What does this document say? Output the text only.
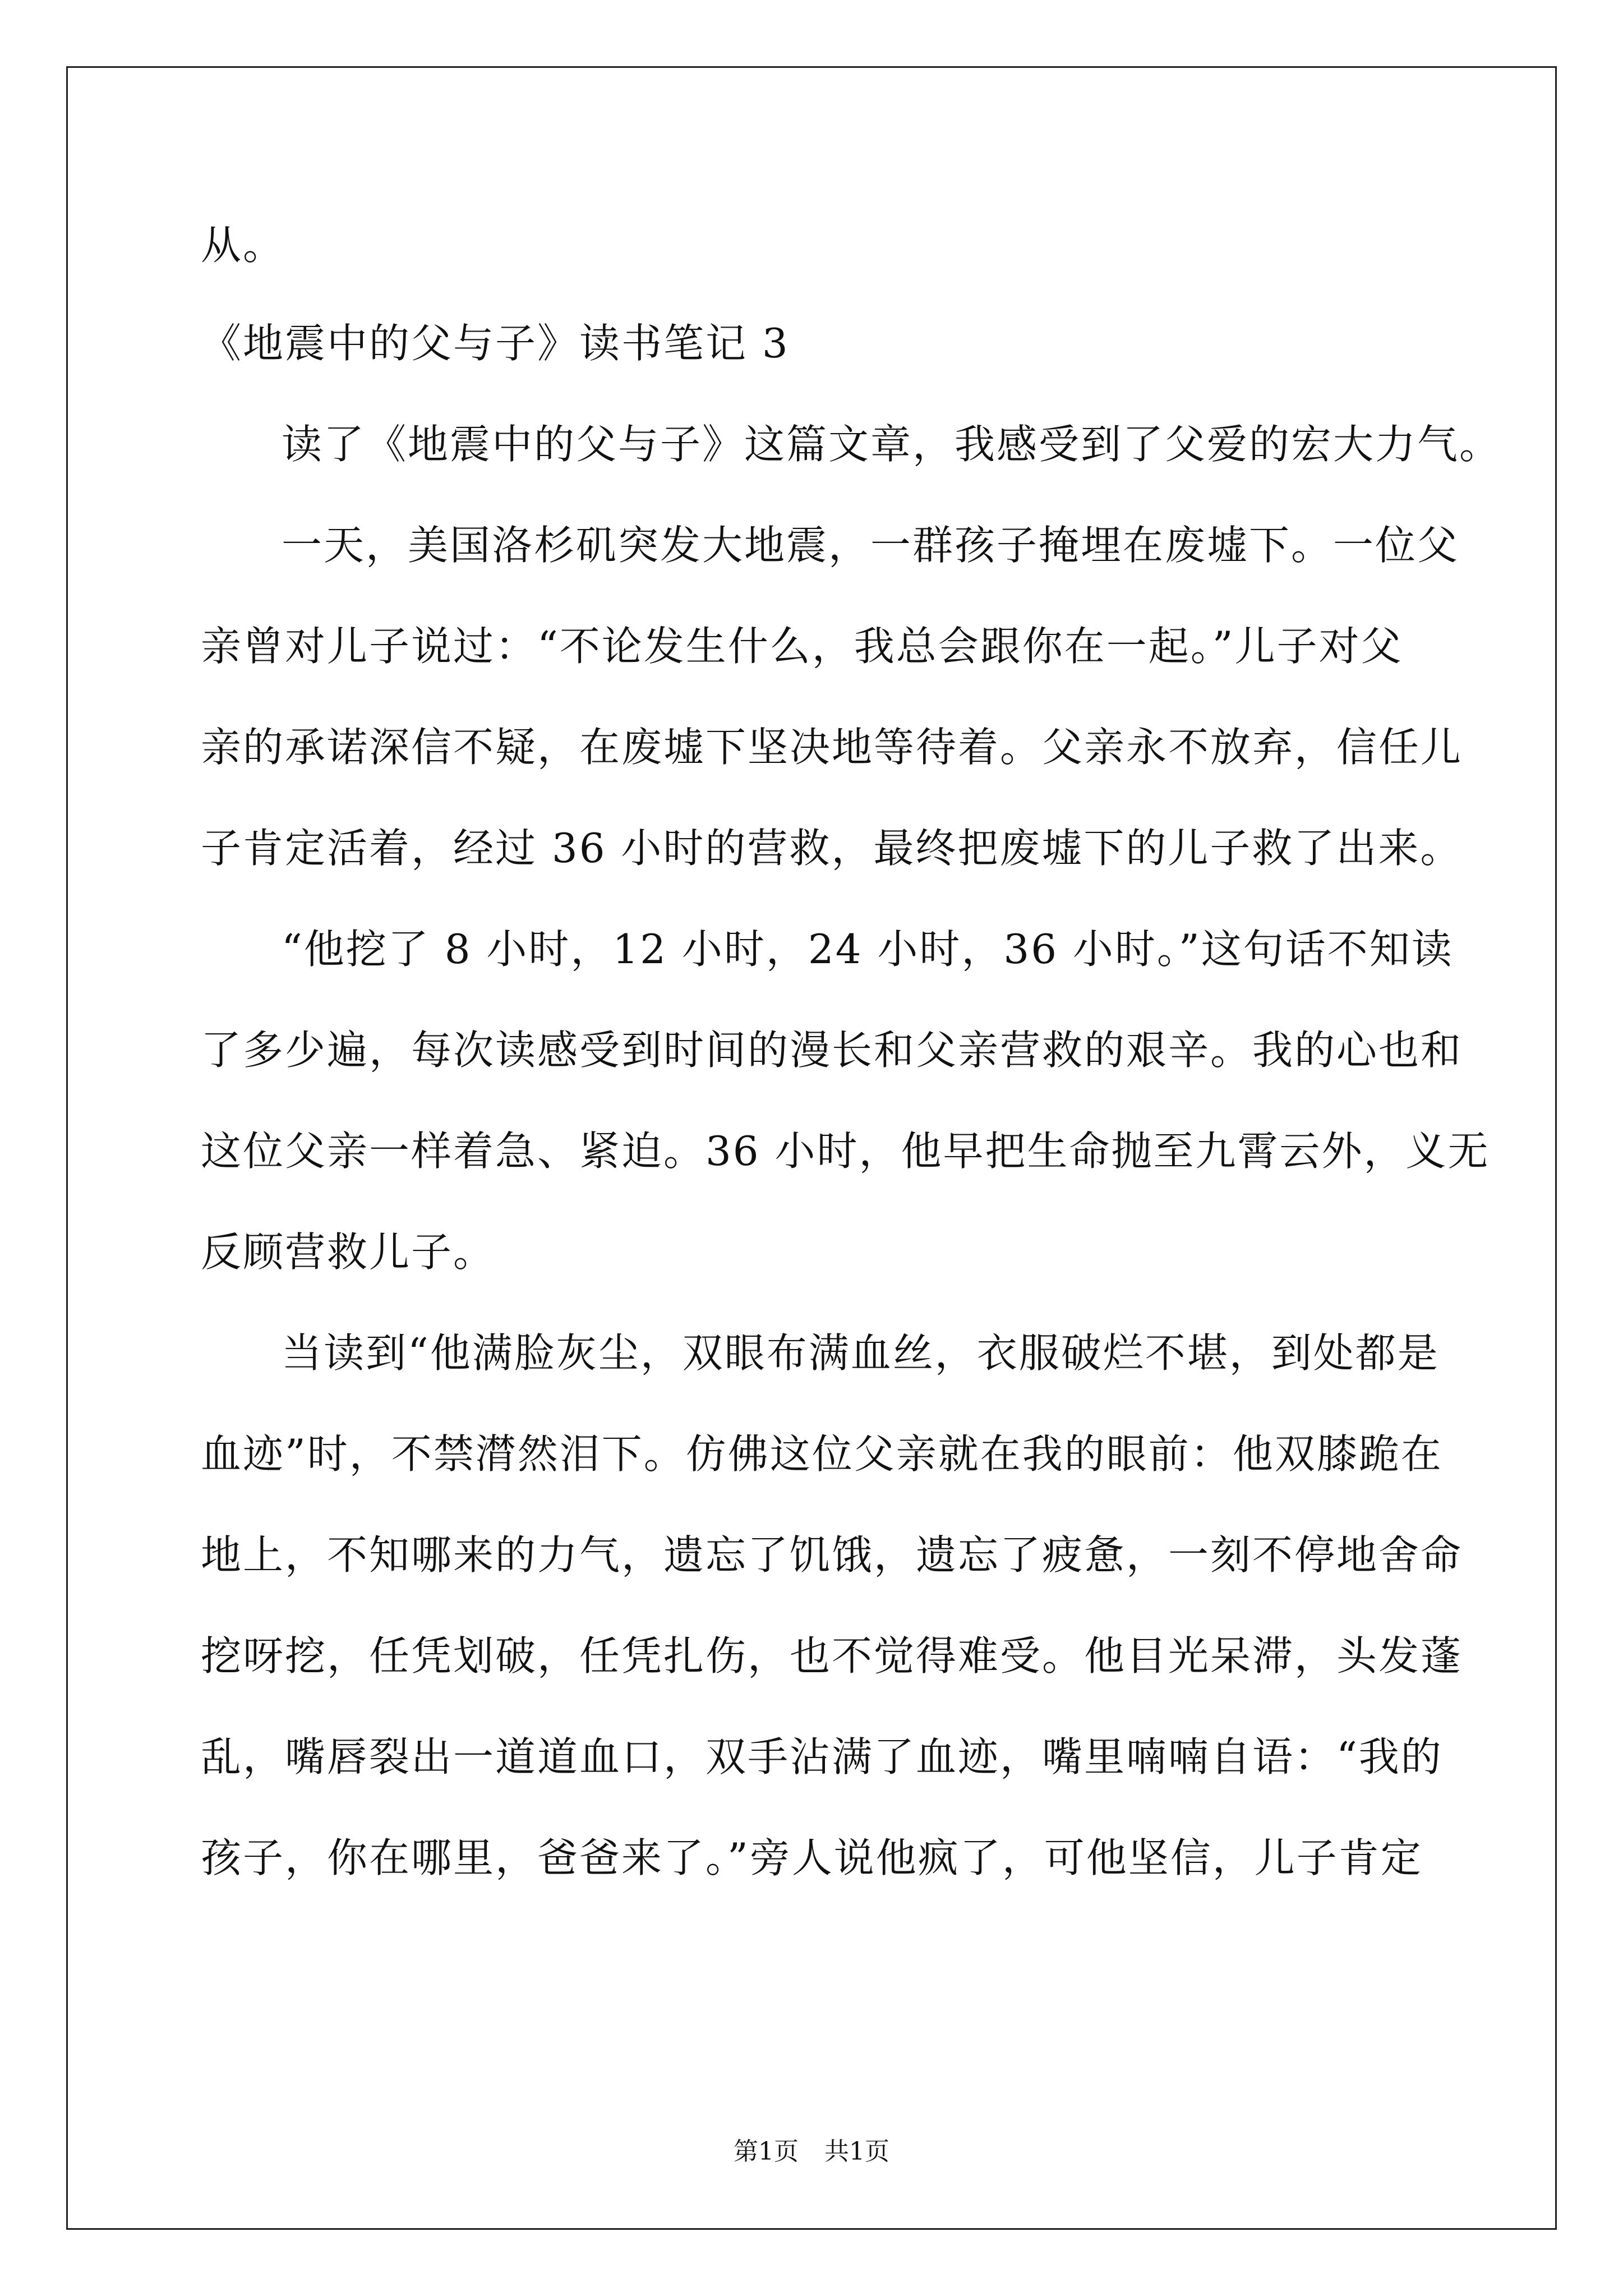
从。
《地震中的父与子》读书笔记 3
读了《地震中的父与子》这篇文章，我感受到了父爱的宏大力气。
一天，美国洛杉矶突发大地震，一群孩子掩埋在废墟下。一位父
亲曾对儿子说过：“不论发生什么，我总会跟你在一起。”儿子对父
亲的承诺深信不疑，在废墟下坚决地等待着。父亲永不放弃，信任儿
子肯定活着，经过 36 小时的营救，最终把废墟下的儿子救了出来。
“他挖了 8 小时，12 小时，24 小时，36 小时。”这句话不知读
了多少遍，每次读感受到时间的漫长和父亲营救的艰辛。我的心也和
这位父亲一样着急、紧迫。36 小时，他早把生命抛至九霄云外，义无
反顾营救儿子。
当读到“他满脸灰尘，双眼布满血丝，衣服破烂不堪，到处都是
血迹”时，不禁潸然泪下。仿佛这位父亲就在我的眼前：他双膝跪在
地上，不知哪来的力气，遗忘了饥饿，遗忘了疲惫，一刻不停地舍命
挖呀挖，任凭划破，任凭扎伤，也不觉得难受。他目光呆滞，头发蓬
乱，嘴唇裂出一道道血口，双手沾满了血迹，嘴里喃喃自语：“我的
孩子，你在哪里，爸爸来了。”旁人说他疯了，可他坚信，儿子肯定
第1页 共1页
